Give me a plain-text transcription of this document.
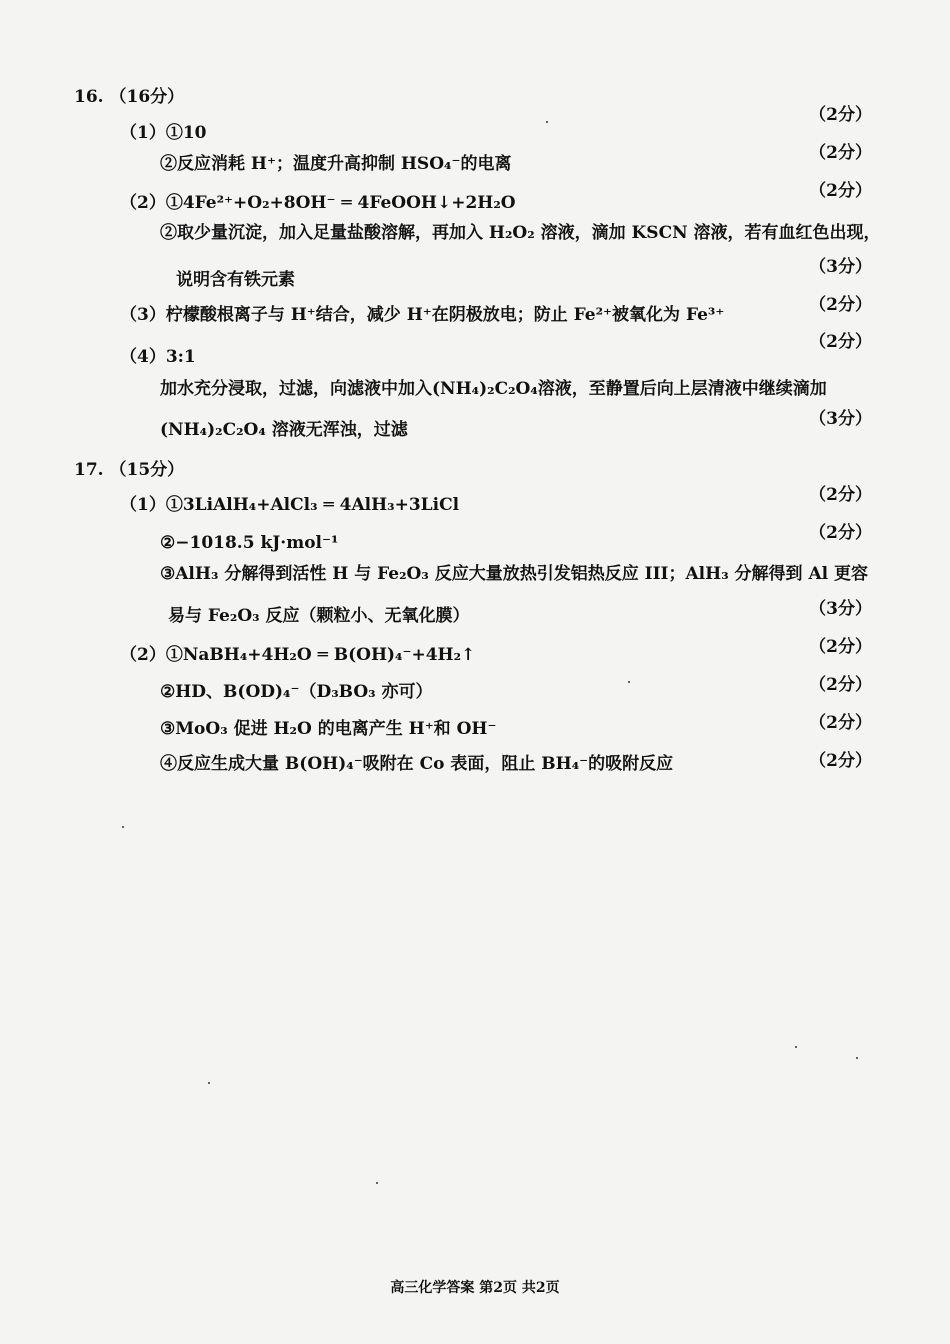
16. （16分）
（2分）
（1）①10
（2分）
②反应消耗 H⁺；温度升高抑制 HSO₄⁻的电离
（2分）
（2）①4Fe²⁺+O₂+8OH⁻ ═ 4FeOOH↓+2H₂O
②取少量沉淀，加入足量盐酸溶解，再加入 H₂O₂ 溶液，滴加 KSCN 溶液，若有血红色出现，
（3分）
说明含有铁元素
（2分）
（3）柠檬酸根离子与 H⁺结合，减少 H⁺在阴极放电；防止 Fe²⁺被氧化为 Fe³⁺
（2分）
（4）3:1
加水充分浸取，过滤，向滤液中加入(NH₄)₂C₂O₄溶液，至静置后向上层清液中继续滴加
（3分）
(NH₄)₂C₂O₄ 溶液无浑浊，过滤
17. （15分）
（2分）
（1）①3LiAlH₄+AlCl₃ ═ 4AlH₃+3LiCl
（2分）
②−1018.5 kJ·mol⁻¹
③AlH₃ 分解得到活性 H 与 Fe₂O₃ 反应大量放热引发铝热反应 III；AlH₃ 分解得到 Al 更容
（3分）
易与 Fe₂O₃ 反应（颗粒小、无氧化膜）
（2分）
（2）①NaBH₄+4H₂O ═ B(OH)₄⁻+4H₂↑
（2分）
②HD、B(OD)₄⁻（D₃BO₃ 亦可）
（2分）
③MoO₃ 促进 H₂O 的电离产生 H⁺和 OH⁻
（2分）
④反应生成大量 B(OH)₄⁻吸附在 Co 表面，阻止 BH₄⁻的吸附反应
高三化学答案 第2页 共2页
